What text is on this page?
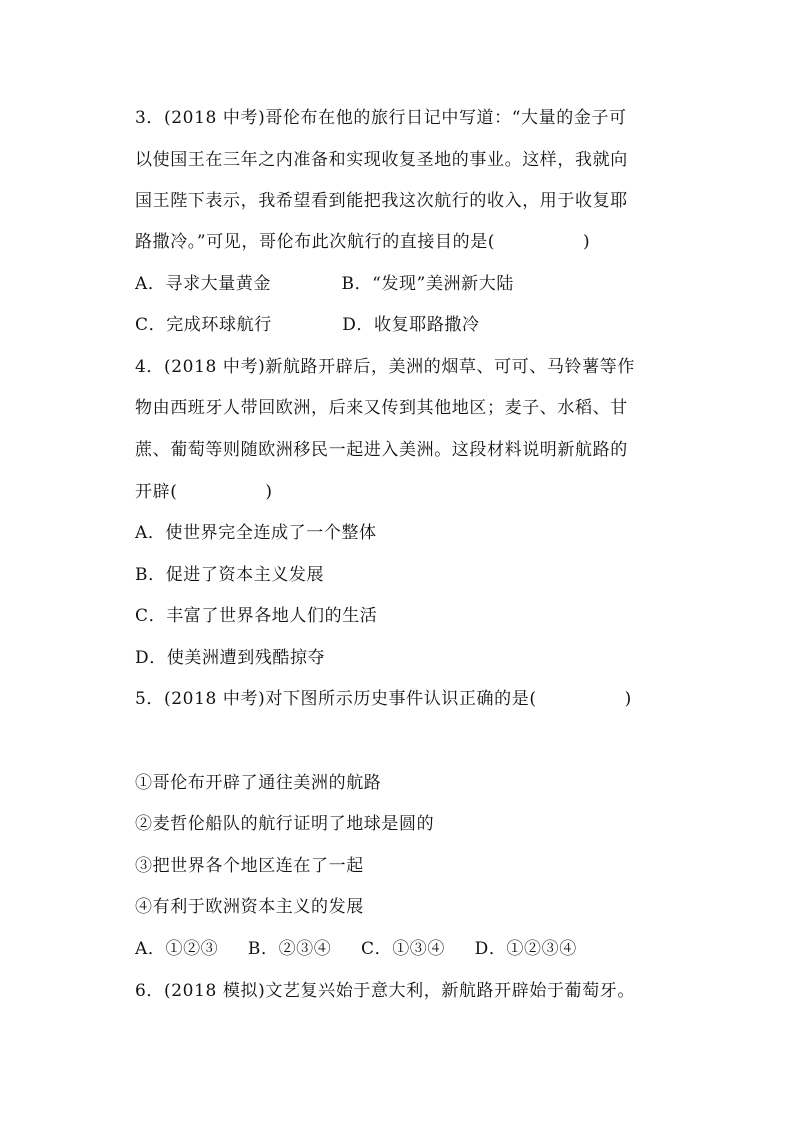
3．(2018 中考)哥伦布在他的旅行日记中写道：“大量的金子可
以使国王在三年之内准备和实现收复圣地的事业。这样，我就向
国王陛下表示，我希望看到能把我这次航行的收入，用于收复耶
路撒冷。”可见，哥伦布此次航行的直接目的是(　　　　　)
A．寻求大量黄金　　　　B．“发现”美洲新大陆
C．完成环球航行　　　　D．收复耶路撒冷
4．(2018 中考)新航路开辟后，美洲的烟草、可可、马铃薯等作
物由西班牙人带回欧洲，后来又传到其他地区；麦子、水稻、甘
蔗、葡萄等则随欧洲移民一起进入美洲。这段材料说明新航路的
开辟(　　　　　)
A．使世界完全连成了一个整体
B．促进了资本主义发展
C．丰富了世界各地人们的生活
D．使美洲遭到残酷掠夺
5．(2018 中考)对下图所示历史事件认识正确的是(　　　　　)
①哥伦布开辟了通往美洲的航路
②麦哲伦船队的航行证明了地球是圆的
③把世界各个地区连在了一起
④有利于欧洲资本主义的发展
A．①②③　  B．②③④　  C．①③④　  D．①②③④
6．(2018 模拟)文艺复兴始于意大利，新航路开辟始于葡萄牙。
